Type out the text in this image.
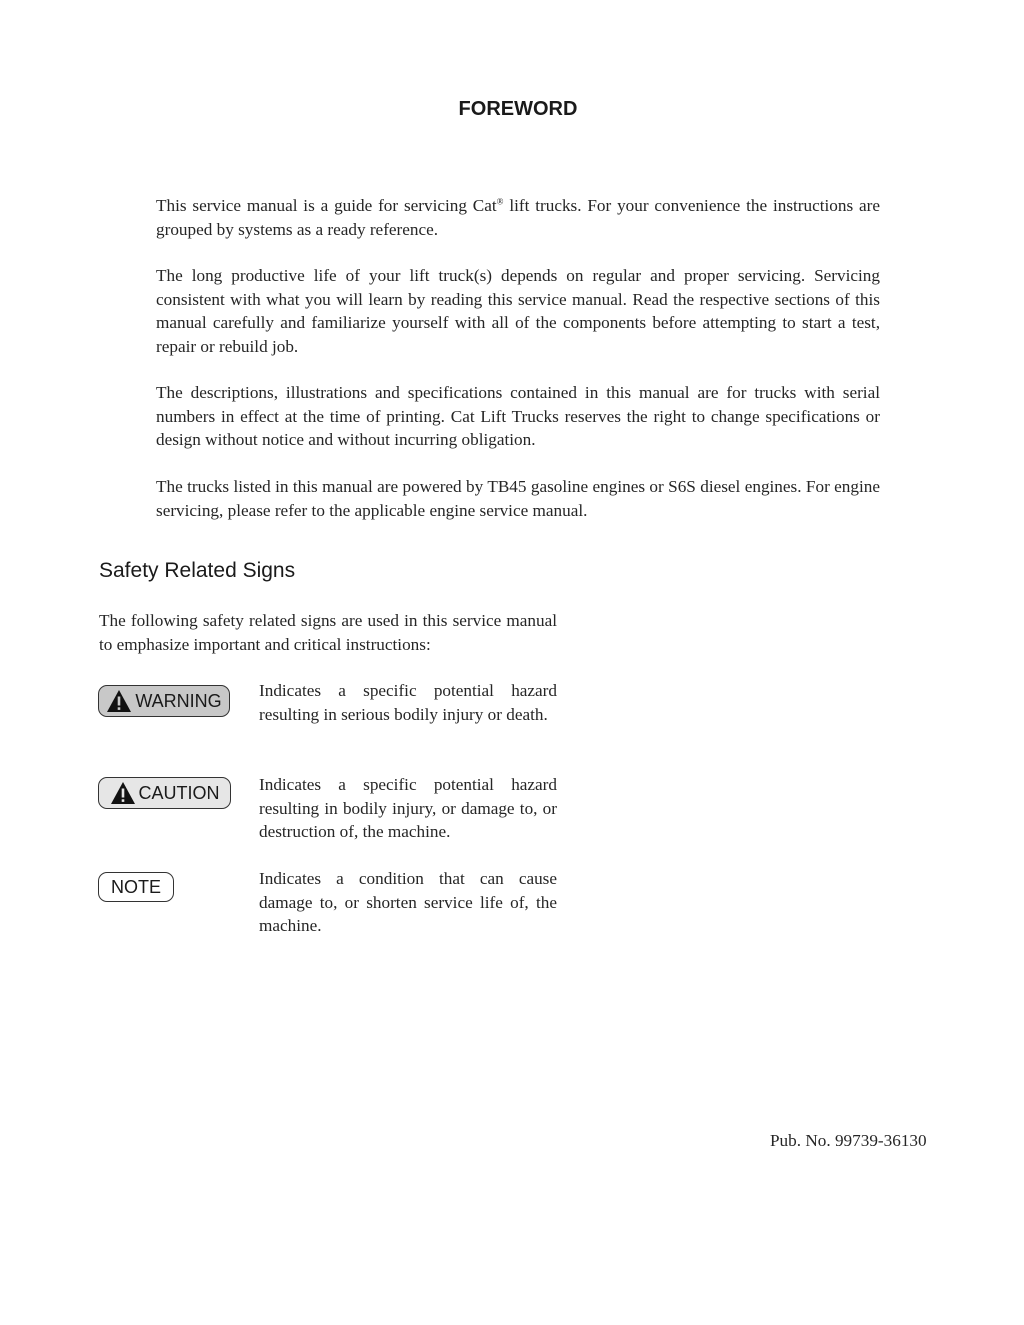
FOREWORD
This service manual is a guide for servicing Cat® lift trucks. For your convenience the instructions are grouped by systems as a ready reference.
The long productive life of your lift truck(s) depends on regular and proper servicing. Servicing consistent with what you will learn by reading this service manual. Read the respective sections of this manual carefully and familiarize yourself with all of the components before attempting to start a test, repair or rebuild job.
The descriptions, illustrations and specifications contained in this manual are for trucks with serial numbers in effect at the time of printing. Cat Lift Trucks reserves the right to change specifications or design without notice and without incurring obligation.
The trucks listed in this manual are powered by TB45 gasoline engines or S6S diesel engines. For engine servicing, please refer to the applicable engine service manual.
Safety Related Signs
The following safety related signs are used in this service manual to emphasize important and critical instructions:
WARNING Indicates a specific potential hazard resulting in serious bodily injury or death.
CAUTION Indicates a specific potential hazard resulting in bodily injury, or damage to, or destruction of, the machine.
NOTE	Indicates a condition that can cause damage to, or shorten service life of, the machine.
Pub. No. 99739-36130
